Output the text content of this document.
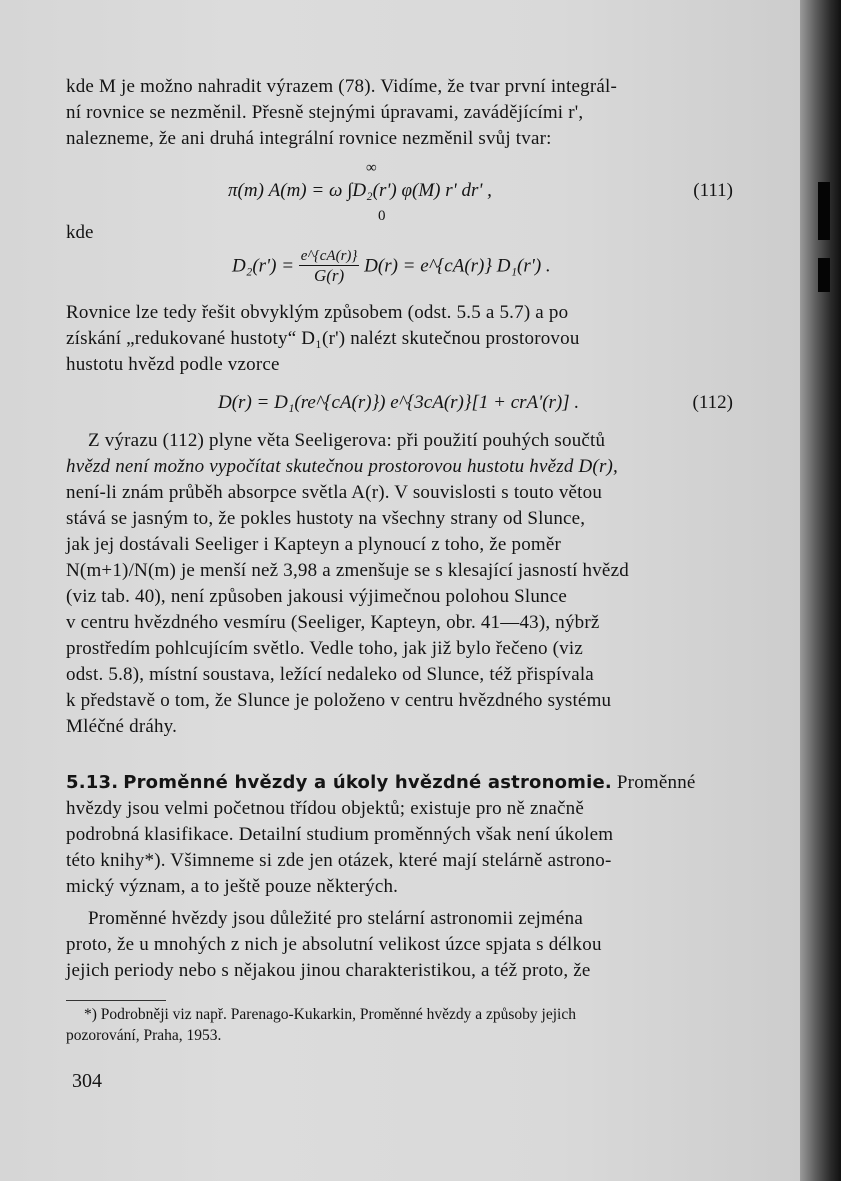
kde M je možno nahradit výrazem (78). Vidíme, že tvar první integrál-
ní rovnice se nezměnil. Přesně stejnými úpravami, zavádějícími r',
nalezneme, že ani druhá integrální rovnice nezměnil svůj tvar:
π(m) A(m) = ω ∫D₂(r') φ(M) r' dr' ,
∞
0
(111)
kde
$D_2(r') = \frac{e\^{}\{cA(r)\}}{G(r)} D(r)$ = e^{cA(r)} D₁(r') .
Rovnice lze tedy řešit obvyklým způsobem (odst. 5.5 a 5.7) a po
získání „redukované hustoty“ D₁(r') nalézt skutečnou prostorovou
hustotu hvězd podle vzorce
D(r) = D₁(re^{cA(r)}) e^{3cA(r)}[1 + crA'(r)] .	(112)
Z výrazu (112) plyne věta Seeligerova: při použití pouhých součtů
hvězd není možno vypočítat skutečnou prostorovou hustotu hvězd D(r),
není-li znám průběh absorpce světla A(r). V souvislosti s touto větou
stává se jasným to, že pokles hustoty na všechny strany od Slunce,
jak jej dostávali Seeliger i Kapteyn a plynoucí z toho, že poměr
N(m+1)/N(m) je menší než 3,98 a zmenšuje se s klesající jasností hvězd
(viz tab. 40), není způsoben jakousi výjimečnou polohou Slunce
v centru hvězdného vesmíru (Seeliger, Kapteyn, obr. 41—43), nýbrž
prostředím pohlcujícím světlo. Vedle toho, jak již bylo řečeno (viz
odst. 5.8), místní soustava, ležící nedaleko od Slunce, též přispívala
k představě o tom, že Slunce je položeno v centru hvězdného systému
Mléčné dráhy.
5.13. Proměnné hvězdy a úkoly hvězdné astronomie. Proměnné
hvězdy jsou velmi početnou třídou objektů; existuje pro ně značně
podrobná klasifikace. Detailní studium proměnných však není úkolem
této knihy*). Všimneme si zde jen otázek, které mají stelárně astrono-
mický význam, a to ještě pouze některých.
Proměnné hvězdy jsou důležité pro stelární astronomii zejména
proto, že u mnohých z nich je absolutní velikost úzce spjata s délkou
jejich periody nebo s nějakou jinou charakteristikou, a též proto, že
*) Podrobněji viz např. Parenago-Kukarkin, Proměnné hvězdy a způsoby jejich
pozorování, Praha, 1953.
304
